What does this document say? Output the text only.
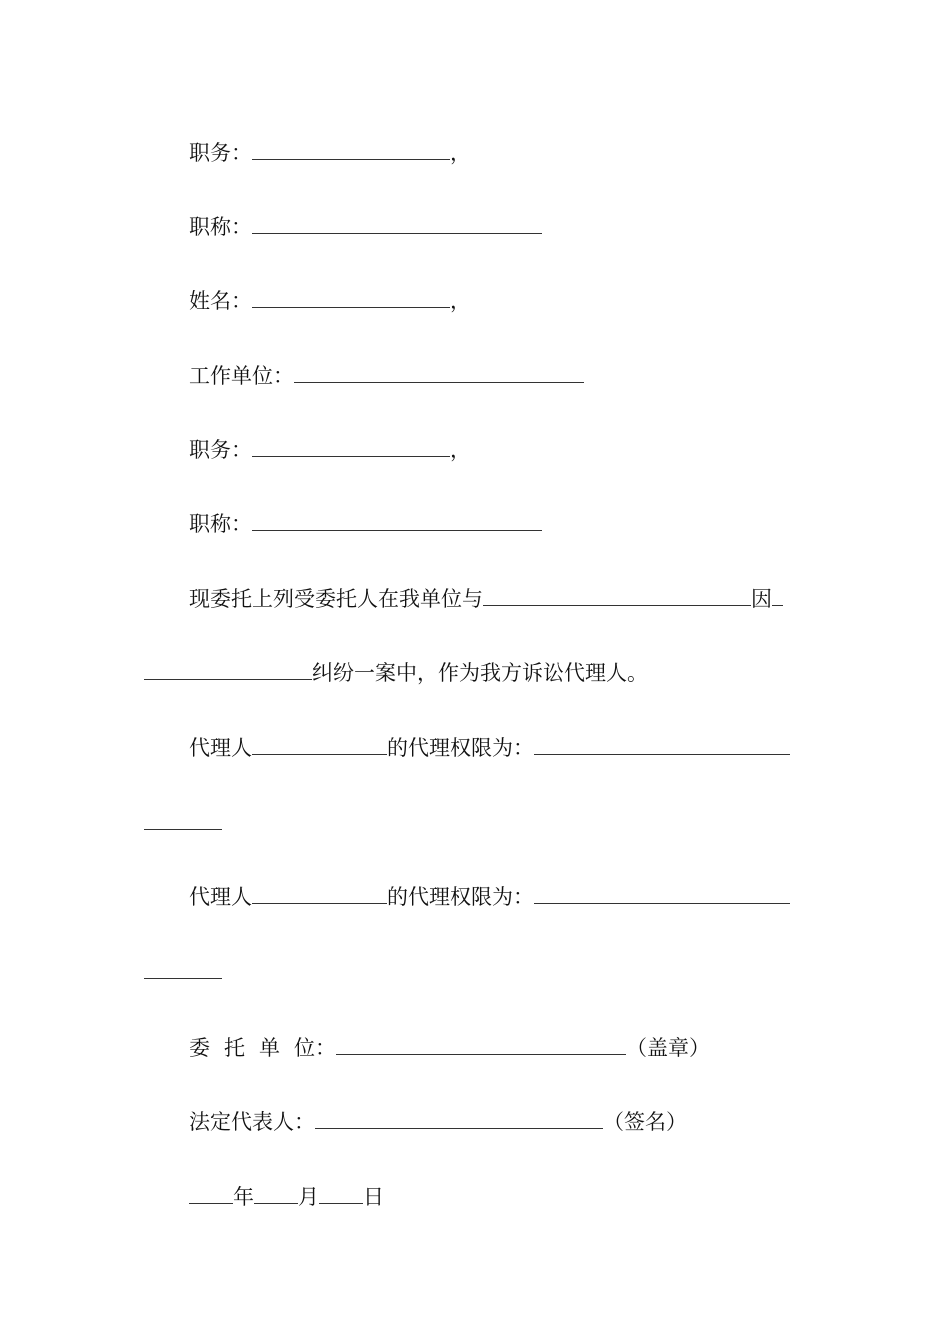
职务：	，
职称：
姓名：	，
工作单位：
职务：	，
职称：
现委托上列受委托人在我单位与	因
纠纷一案中，作为我方诉讼代理人。
代理人	的代理权限为：
代理人	的代理权限为：
委 托 单 位：	（盖章）
法定代表人：	（签名）
年 月 日
